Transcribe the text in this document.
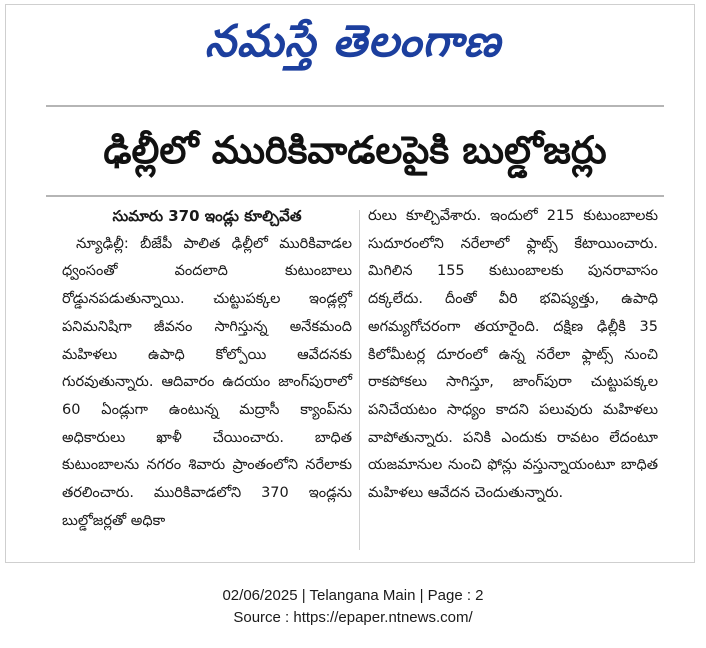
నమస్తే తెలంగాణ
ఢిల్లీలో మురికివాడలపైకి బుల్డోజర్లు
సుమారు 370 ఇండ్లు కూల్చివేత
న్యూఢిల్లీ: బీజేపీ పాలిత ఢిల్లీలో మురికివాడల ధ్వంసంతో వందలాది కుటుంబాలు రోడ్డునపడుతున్నాయి. చుట్టుపక్కల ఇండ్లల్లో పనిమనిషిగా జీవనం సాగిస్తున్న అనేకమంది మహిళలు ఉపాధి కోల్పోయి ఆవేదనకు గురవుతున్నారు. ఆదివారం ఉదయం జాంగ్‌పురాలో 60 ఏండ్లుగా ఉంటున్న మద్రాసీ క్యాంప్‌ను అధికారులు ఖాళీ చేయించారు. బాధిత కుటుంబాలను నగరం శివారు ప్రాంతంలోని నరేలాకు తరలించారు. మురికివాడలోని 370 ఇండ్లను బుల్డోజర్లతో అధికా
రులు కూల్చివేశారు. ఇందులో 215 కుటుంబాలకు సుదూరంలోని నరేలాలో ఫ్లాట్స్ కేటాయించారు. మిగిలిన 155 కుటుంబాలకు పునరావాసం దక్కలేదు. దీంతో వీరి భవిష్యత్తు, ఉపాధి అగమ్యగోచరంగా తయారైంది. దక్షిణ ఢిల్లీకి 35 కిలోమీటర్ల దూరంలో ఉన్న నరేలా ఫ్లాట్స్ నుంచి రాకపోకలు సాగిస్తూ, జాంగ్‌పురా చుట్టుపక్కల పనిచేయటం సాధ్యం కాదని పలువురు మహిళలు వాపోతున్నారు. పనికి ఎందుకు రావటం లేదంటూ యజమానుల నుంచి ఫోన్లు వస్తున్నాయంటూ బాధిత మహిళలు ఆవేదన చెందుతున్నారు.
02/06/2025 | Telangana Main | Page : 2
Source : https://epaper.ntnews.com/
